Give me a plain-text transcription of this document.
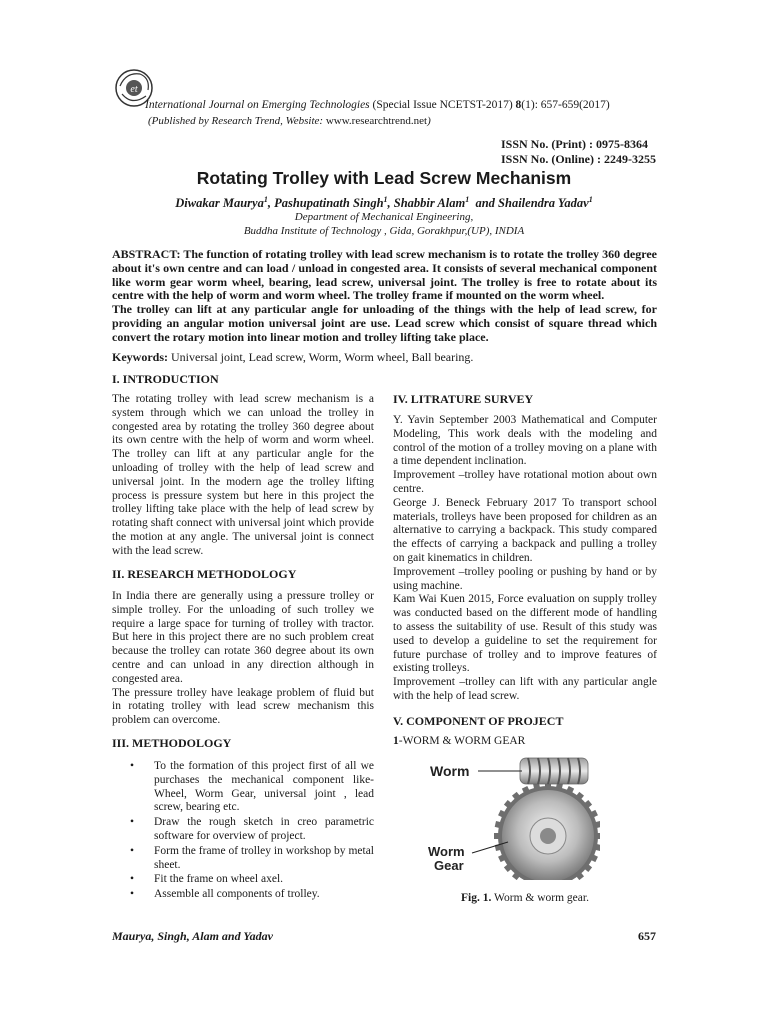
et
International Journal on Emerging Technologies (Special Issue NCETST-2017) 8(1): 657-659(2017)
(Published by Research Trend, Website: www.researchtrend.net)
ISSN No. (Print) : 0975-8364
ISSN No. (Online) : 2249-3255
Rotating Trolley with Lead Screw Mechanism
Diwakar Maurya$^1$, Pashupatinath Singh$^1$, Shabbir Alam$^1$  and Shailendra Yadav$^1$
Department of Mechanical Engineering,
Buddha Institute of Technology , Gida, Gorakhpur,(UP), INDIA

ABSTRACT: The function of rotating trolley with lead screw mechanism is to rotate the trolley 360 degree about it's own centre and can load / unload in congested area. It consists of several mechanical component like worm gear worm wheel, bearing, lead screw, universal joint. The trolley is free to rotate about its centre with the help of worm and worm wheel. The trolley frame if mounted on the worm wheel.

The trolley can lift at any particular angle for unloading of the things with the help of lead screw, for providing an angular motion universal joint are use. Lead screw which consist of square thread which convert the rotary motion into linear motion and trolley lifting take place.

Keywords: Universal joint, Lead screw, Worm, Worm wheel, Ball bearing.
I. INTRODUCTION

The rotating trolley with lead screw mechanism is a system through which we can unload the trolley in congested area by rotating the trolley 360 degree about its own centre with the help of worm and worm wheel. The trolley can lift at any particular angle for the unloading of trolley with the help of lead screw and universal joint. In the modern age the trolley lifting process is pressure system but here in this project the trolley lifting take place with the help of lead screw by rotating shaft connect with universal joint which provide the motion at any angle. The universal joint is connect with the lead screw.

II. RESEARCH METHODOLOGY

In India there are generally using a pressure trolley or simple trolley. For the unloading of such trolley we require a large space for turning of trolley with tractor. But here in this project there are no such problem creat because the trolley can rotate 360 degree about its own centre and can unload in any direction although in congested area.

The pressure trolley have leakage problem of fluid but in rotating trolley with lead screw mechanism this problem can overcome.

III. METHODOLOGY
• To the formation of this project first of all we purchases the mechanical component like-Wheel, Worm Gear, universal joint , lead screw, bearing etc.
• Draw the rough sketch in creo parametric software for overview of project.
• Form the frame of trolley in workshop by metal sheet.
• Fit the frame on wheel axel.
• Assemble all components of trolley.
IV. LITRATURE SURVEY

Y. Yavin September 2003 Mathematical and Computer Modeling, This work deals with the modeling and control of the motion of a trolley moving on a plane with a time dependent inclination.

Improvement –trolley have rotational motion about own centre.

George J. Beneck February 2017 To transport school materials, trolleys have been proposed for children as an alternative to carrying a backpack. This study compared the effects of carrying a backpack and pulling a trolley on gait kinematics in children.

Improvement –trolley pooling or pushing by hand or by using machine.

Kam Wai Kuen 2015, Force evaluation on supply trolley was conducted based on the different mode of handling to assess the suitability of use. Result of this study was used to develop a guideline to set the requirement for future purchase of trolley and to improve features of existing trolleys.

Improvement –trolley can lift with any particular angle with the help of lead screw.

V. COMPONENT OF PROJECT
1-WORM & WORM GEAR
Worm
Worm
Gear
Fig. 1. Worm & worm gear.
Maurya, Singh, Alam and Yadav	657
